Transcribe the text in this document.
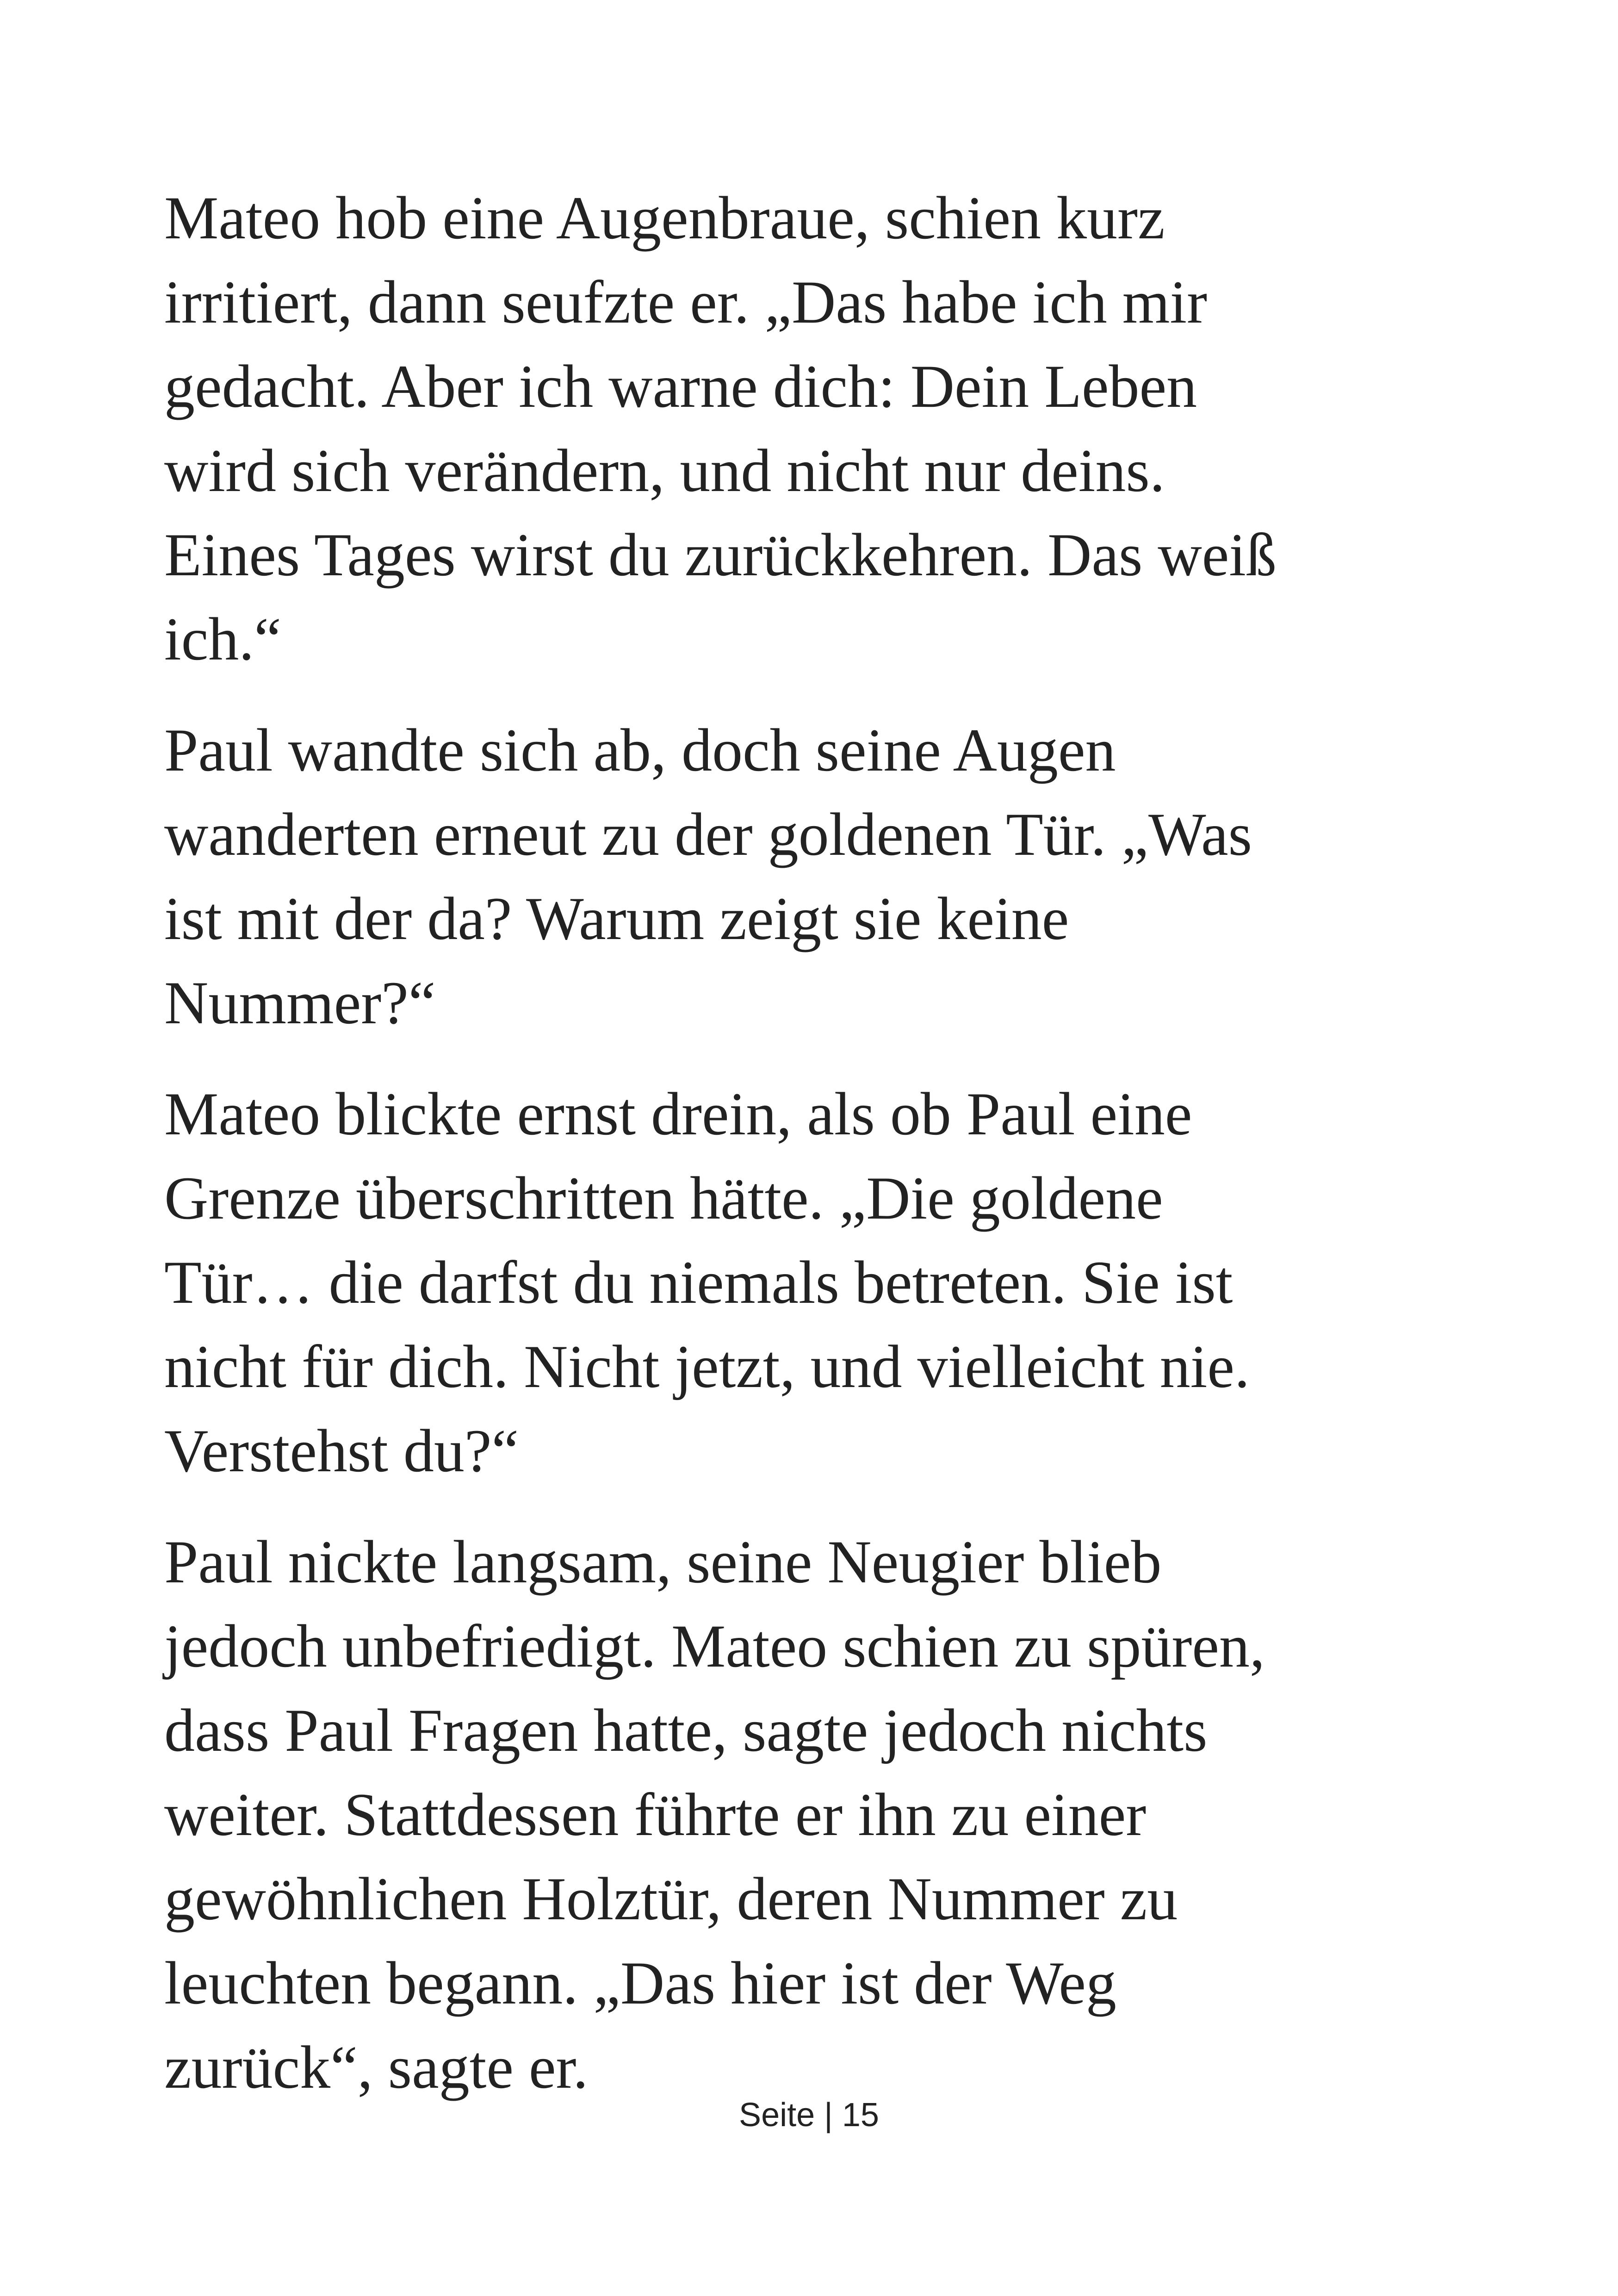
Mateo hob eine Augenbraue, schien kurz
irritiert, dann seufzte er. „Das habe ich mir
gedacht. Aber ich warne dich: Dein Leben
wird sich verändern, und nicht nur deins.
Eines Tages wirst du zurückkehren. Das weiß
ich.“

Paul wandte sich ab, doch seine Augen
wanderten erneut zu der goldenen Tür. „Was
ist mit der da? Warum zeigt sie keine
Nummer?“

Mateo blickte ernst drein, als ob Paul eine
Grenze überschritten hätte. „Die goldene
Tür… die darfst du niemals betreten. Sie ist
nicht für dich. Nicht jetzt, und vielleicht nie.
Verstehst du?“

Paul nickte langsam, seine Neugier blieb
jedoch unbefriedigt. Mateo schien zu spüren,
dass Paul Fragen hatte, sagte jedoch nichts
weiter. Stattdessen führte er ihn zu einer
gewöhnlichen Holztür, deren Nummer zu
leuchten begann. „Das hier ist der Weg
zurück“, sagte er.

Seite | 15
